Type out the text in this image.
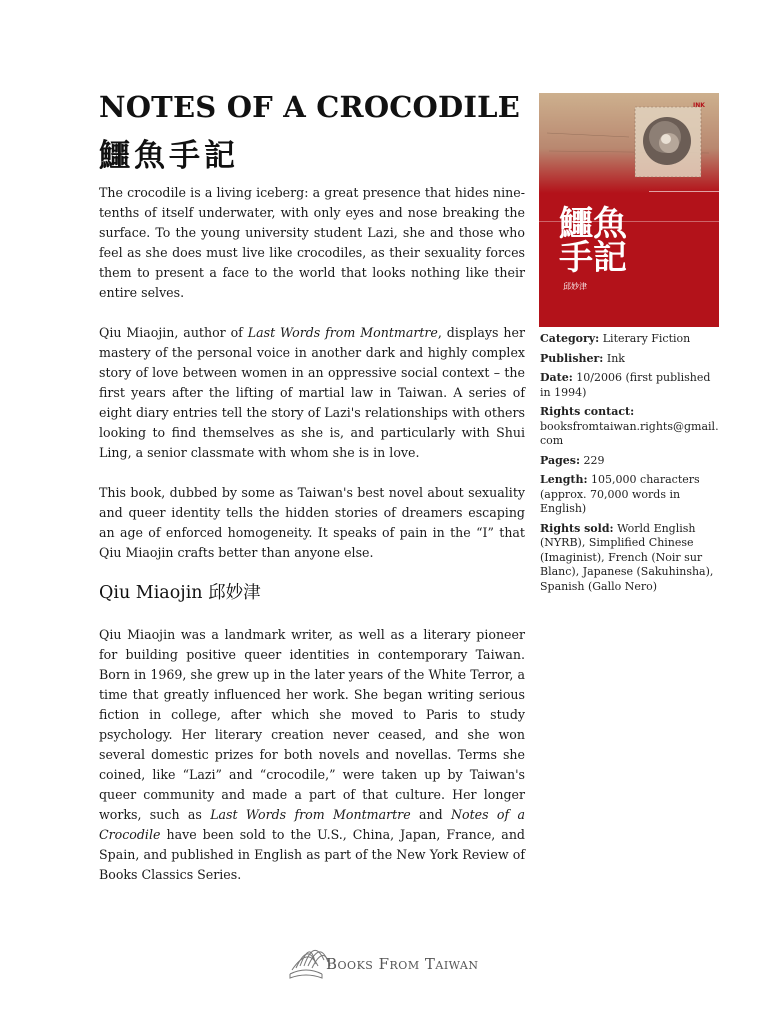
NOTES OF A CROCODILE
鱷魚手記

The crocodile is a living iceberg: a great presence that hides nine-tenths of itself underwater, with only eyes and nose breaking the surface. To the young university student Lazi, she and those who feel as she does must live like crocodiles, as their sexuality forces them to present a face to the world that looks nothing like their entire selves.

Qiu Miaojin, author of Last Words from Montmartre, displays her mastery of the personal voice in another dark and highly complex story of love between women in an oppressive social context – the first years after the lifting of martial law in Taiwan. A series of eight diary entries tell the story of Lazi's relationships with others looking to find themselves as she is, and particularly with Shui Ling, a senior classmate with whom she is in love.

This book, dubbed by some as Taiwan's best novel about sexuality and queer identity tells the hidden stories of dreamers escaping an age of enforced homogeneity. It speaks of pain in the “I” that Qiu Miaojin crafts better than anyone else.

Qiu Miaojin 邱妙津

Qiu Miaojin was a landmark writer, as well as a literary pioneer for building positive queer identities in contemporary Taiwan. Born in 1969, she grew up in the later years of the White Terror, a time that greatly influenced her work. She began writing serious fiction in college, after which she moved to Paris to study psychology. Her literary creation never ceased, and she won several domestic prizes for both novels and novellas. Terms she coined, like “Lazi” and “crocodile,” were taken up by Taiwan's queer community and made a part of that culture. Her longer works, such as Last Words from Montmartre and Notes of a Crocodile have been sold to the U.S., China, Japan, France, and Spain, and published in English as part of the New York Review of Books Classics Series.

鱷魚
手記
邱妙津
INK
Category: Literary Fiction
Publisher: Ink
Date: 10/2006 (first published in 1994)
Rights contact:
booksfromtaiwan.rights@gmail.com
Pages: 229
Length: 105,000 characters (approx. 70,000 words in English)
Rights sold: World English (NYRB), Simplified Chinese (Imaginist), French (Noir sur Blanc), Japanese (Sakuhinsha), Spanish (Gallo Nero)
BOOKS FROM TAIWAN
